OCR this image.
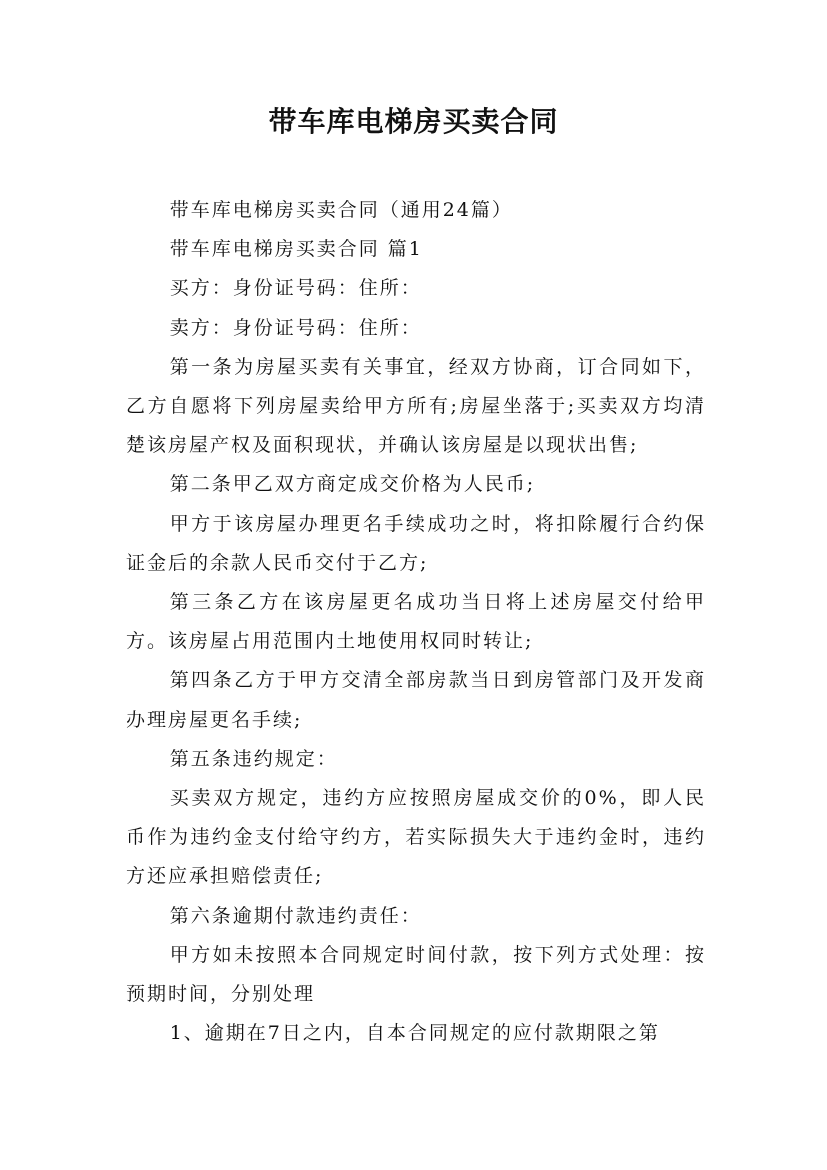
带车库电梯房买卖合同

带车库电梯房买卖合同（通用24篇）

带车库电梯房买卖合同 篇1

买方：身份证号码：住所：

卖方：身份证号码：住所：

第一条为房屋买卖有关事宜，经双方协商，订合同如下，乙方自愿将下列房屋卖给甲方所有;房屋坐落于;买卖双方均清楚该房屋产权及面积现状，并确认该房屋是以现状出售;

第二条甲乙双方商定成交价格为人民币;

甲方于该房屋办理更名手续成功之时，将扣除履行合约保证金后的余款人民币交付于乙方;

第三条乙方在该房屋更名成功当日将上述房屋交付给甲方。该房屋占用范围内土地使用权同时转让;

第四条乙方于甲方交清全部房款当日到房管部门及开发商办理房屋更名手续;

第五条违约规定：

买卖双方规定，违约方应按照房屋成交价的0%，即人民币作为违约金支付给守约方，若实际损失大于违约金时，违约方还应承担赔偿责任;

第六条逾期付款违约责任：

甲方如未按照本合同规定时间付款，按下列方式处理：按预期时间，分别处理

1、逾期在7日之内，自本合同规定的应付款期限之第
